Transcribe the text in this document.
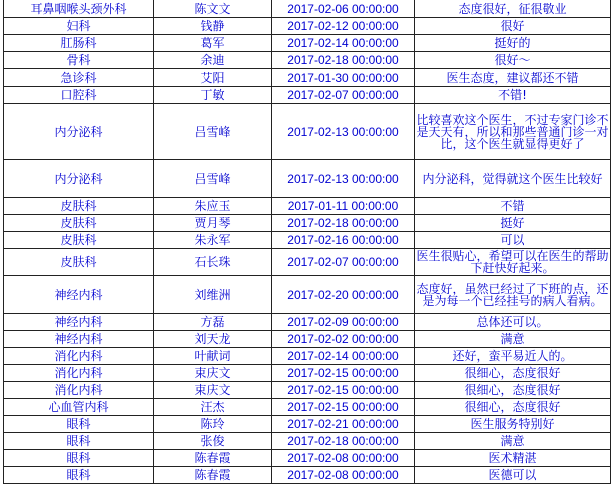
耳鼻咽喉头颈外科	陈文文	2017-02-06 00:00:00	态度很好，征很敬业
妇科	钱静	2017-02-12 00:00:00	很好
肛肠科	葛军	2017-02-14 00:00:00	挺好的
骨科	余迪	2017-02-18 00:00:00	很好～
急诊科	艾阳	2017-01-30 00:00:00	医生态度，建议都还不错
口腔科	丁敏	2017-02-07 00:00:00	不错!
内分泌科	吕雪峰	2017-02-13 00:00:00	比较喜欢这个医生，不过专家门诊不是天天有，所以和那些普通门诊一对比，这个医生就显得更好了
内分泌科	吕雪峰	2017-02-13 00:00:00	内分泌科，觉得就这个医生比较好
皮肤科	朱应玉	2017-01-11 00:00:00	不错
皮肤科	贾月琴	2017-02-18 00:00:00	挺好
皮肤科	朱永军	2017-02-16 00:00:00	可以
皮肤科	石长珠	2017-02-07 00:00:00	医生很贴心，希望可以在医生的帮助下赶快好起来。
神经内科	刘维洲	2017-02-20 00:00:00	态度好，虽然已经过了下班的点，还是为每一个已经挂号的病人看病。
神经内科	方磊	2017-02-09 00:00:00	总体还可以。
神经内科	刘天龙	2017-02-02 00:00:00	满意
消化内科	叶献词	2017-02-14 00:00:00	还好，蛮平易近人的。
消化内科	束庆文	2017-02-15 00:00:00	很细心，态度很好
消化内科	束庆文	2017-02-15 00:00:00	很细心，态度很好
心血管内科	汪杰	2017-02-15 00:00:00	很细心，态度很好
眼科	陈玲	2017-02-21 00:00:00	医生服务特别好
眼科	张俊	2017-02-18 00:00:00	满意
眼科	陈春霞	2017-02-08 00:00:00	医术精湛
眼科	陈春霞	2017-02-08 00:00:00	医德可以
